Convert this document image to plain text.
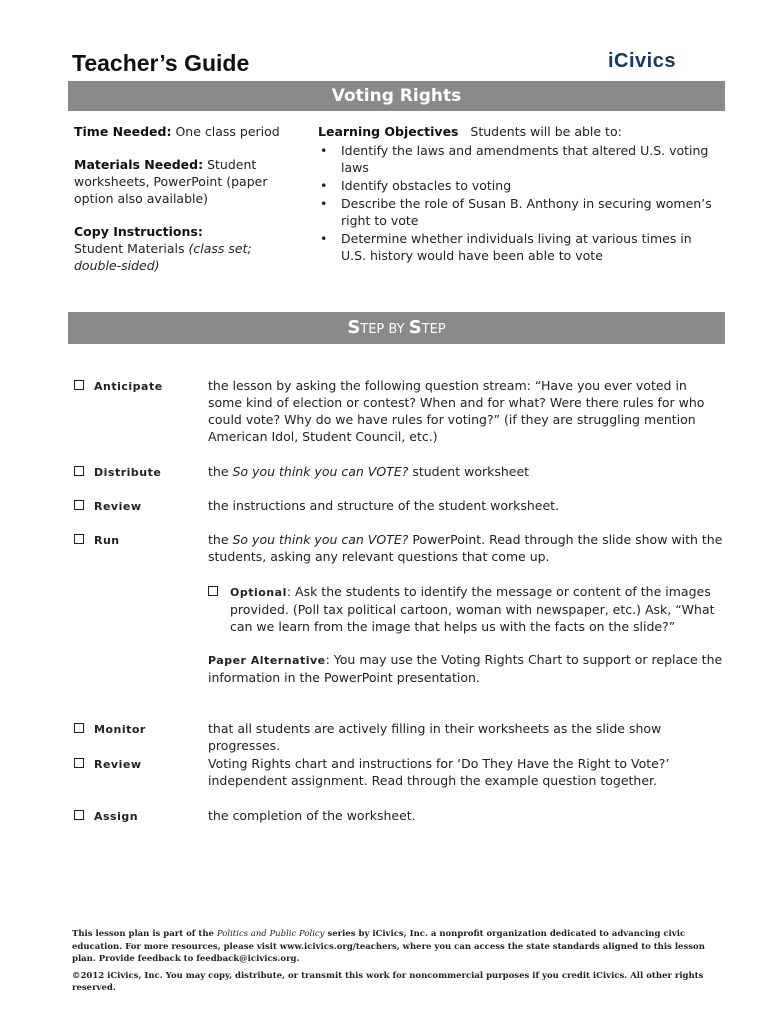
Teacher’s Guide	iCivics
Voting Rights
Time Needed: One class period
Materials Needed: Student worksheets, PowerPoint (paper option also available)
Copy Instructions:
Student Materials (class set; double-sided)
Learning Objectives Students will be able to:
• Identify the laws and amendments that altered U.S. voting laws
• Identify obstacles to voting
• Describe the role of Susan B. Anthony in securing women’s right to vote
• Determine whether individuals living at various times in U.S. history would have been able to vote
STEP BY STEP
Anticipate	the lesson by asking the following question stream: “Have you ever voted in some kind of election or contest? When and for what? Were there rules for who could vote? Why do we have rules for voting?” (if they are struggling mention American Idol, Student Council, etc.)
Distribute	the So you think you can VOTE? student worksheet
Review	the instructions and structure of the student worksheet.
Run	the So you think you can VOTE? PowerPoint. Read through the slide show with the students, asking any relevant questions that come up.
Optional: Ask the students to identify the message or content of the images provided. (Poll tax political cartoon, woman with newspaper, etc.) Ask, “What can we learn from the image that helps us with the facts on the slide?”
Paper Alternative: You may use the Voting Rights Chart to support or replace the information in the PowerPoint presentation.
Monitor	that all students are actively filling in their worksheets as the slide show progresses.
Review	Voting Rights chart and instructions for ‘Do They Have the Right to Vote?’ independent assignment. Read through the example question together.
Assign	the completion of the worksheet.
This lesson plan is part of the Politics and Public Policy series by iCivics, Inc. a nonprofit organization dedicated to advancing civic education. For more resources, please visit www.icivics.org/teachers, where you can access the state standards aligned to this lesson plan. Provide feedback to feedback@icivics.org.
©2012 iCivics, Inc. You may copy, distribute, or transmit this work for noncommercial purposes if you credit iCivics. All other rights reserved.
